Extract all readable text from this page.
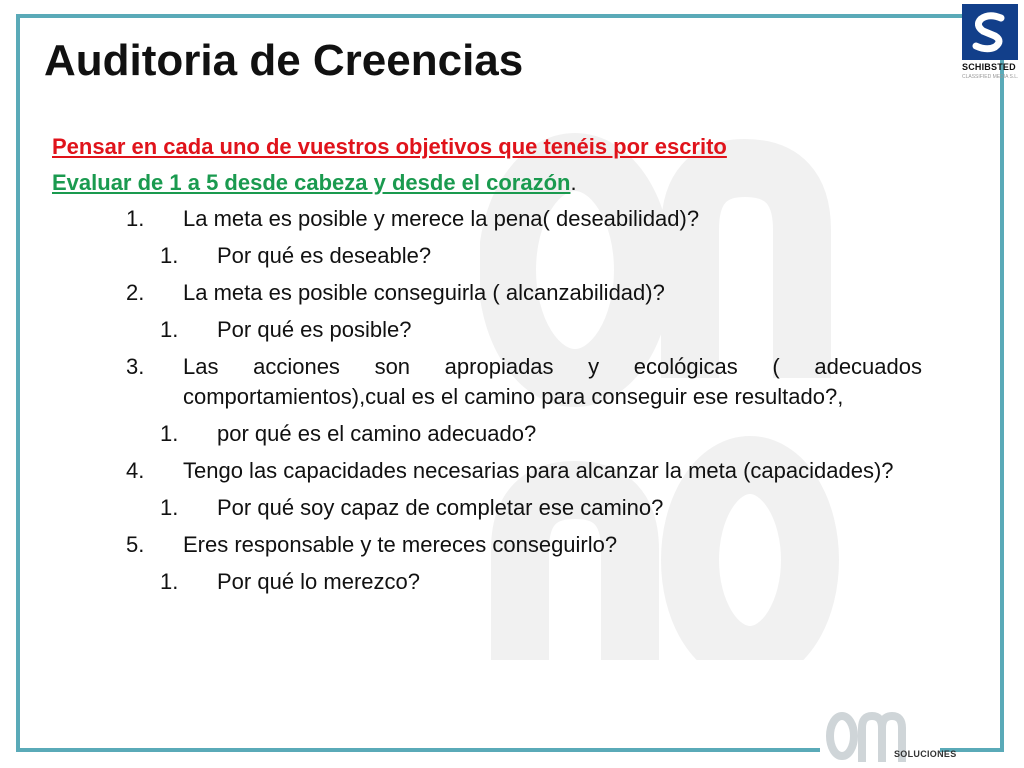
Auditoria de Creencias	SCHIBSTED
CLASSIFIED MEDIA S.L.

Pensar en cada uno de vuestros objetivos que tenéis por escrito

Evaluar de 1 a 5 desde cabeza y desde el corazón.

1. La meta es posible y merece la pena( deseabilidad)?
1. Por qué es deseable?
2. La meta es posible conseguirla ( alcanzabilidad)?
1. Por qué es posible?
3. Las acciones son apropiadas y ecológicas ( adecuados comportamientos),cual es el camino para conseguir ese resultado?,
1. por qué es el camino adecuado?
4. Tengo las capacidades necesarias para alcanzar la meta (capacidades)?
1. Por qué soy capaz de completar ese camino?
5. Eres responsable y te mereces conseguirlo?
1. Por qué lo merezco?
SOLUCIONES
